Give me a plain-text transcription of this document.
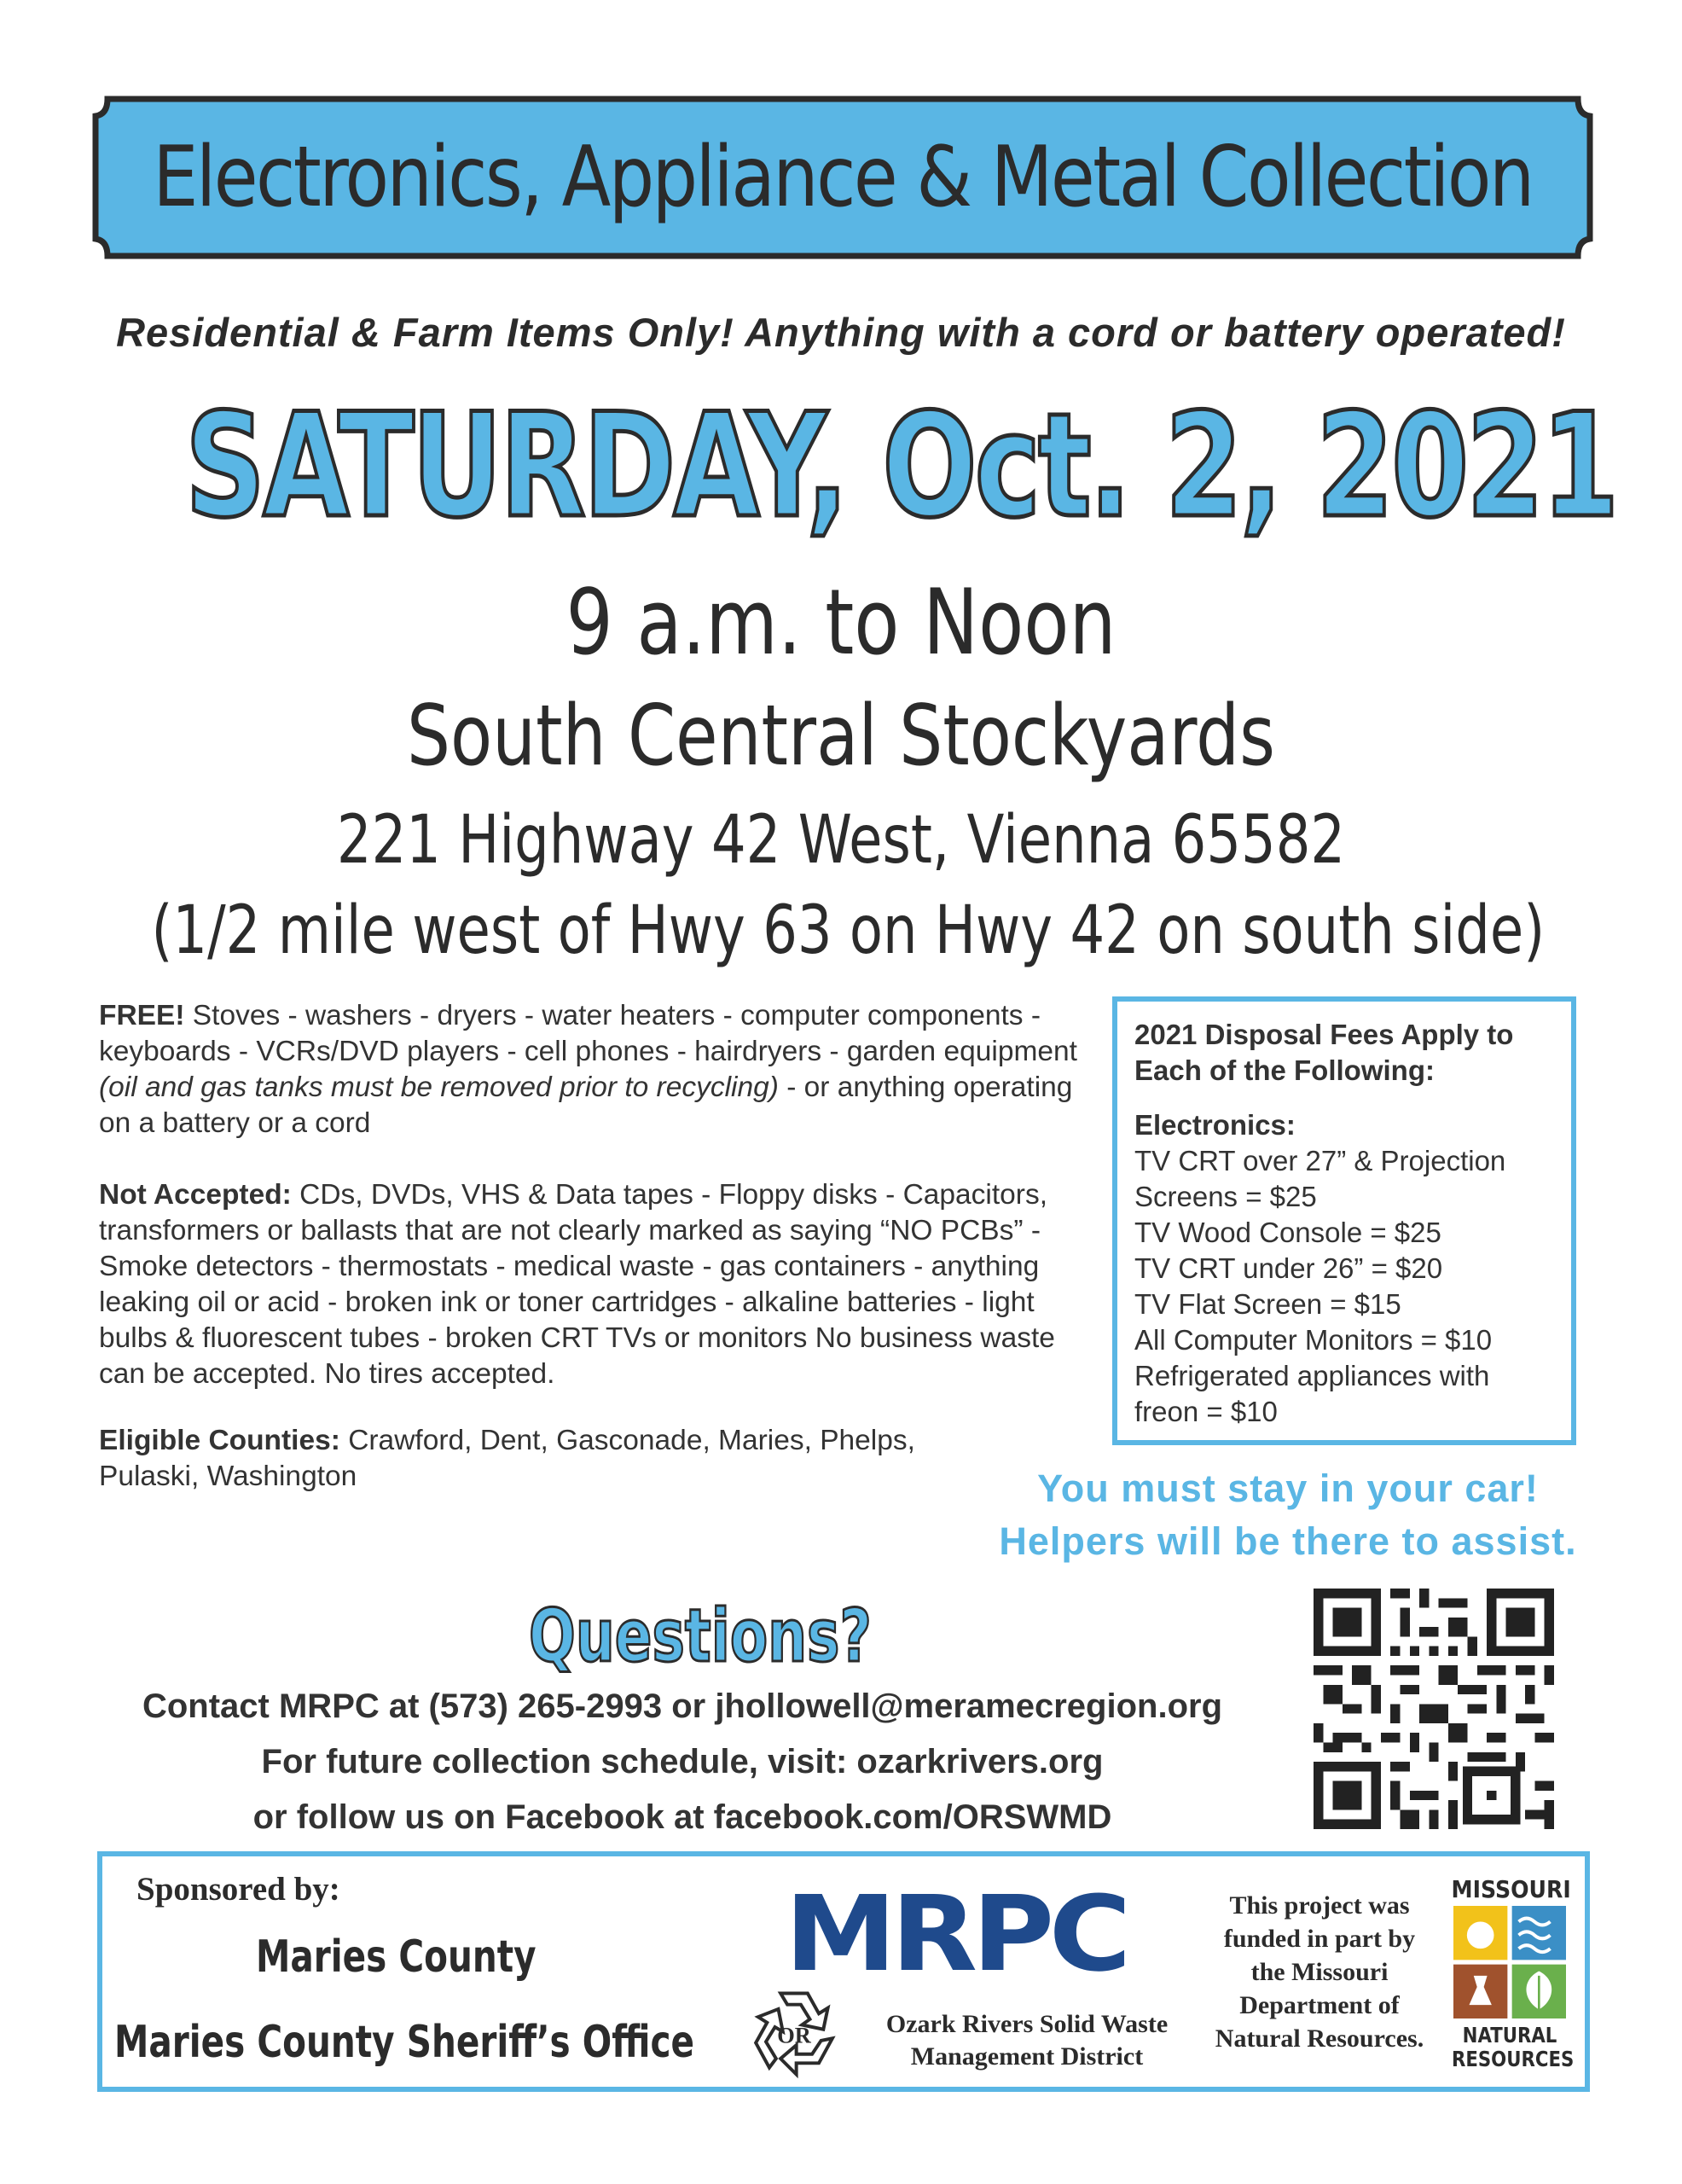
Electronics, Appliance & Metal Collection
Residential & Farm Items Only! Anything with a cord or battery operated!
SATURDAY, Oct. 2, 2021
9 a.m. to Noon
South Central Stockyards
221 Highway 42 West, Vienna 65582
(1/2 mile west of Hwy 63 on Hwy 42 on south side)
FREE! Stoves - washers - dryers - water heaters - computer components - keyboards - VCRs/DVD players - cell phones - hairdryers - garden equipment (oil and gas tanks must be removed prior to recycling) - or anything operating on a battery or a cord
Not Accepted: CDs, DVDs, VHS & Data tapes - Floppy disks - Capacitors, transformers or ballasts that are not clearly marked as saying “NO PCBs” - Smoke detectors - thermostats - medical waste - gas containers - anything leaking oil or acid - broken ink or toner cartridges - alkaline batteries - light bulbs & fluorescent tubes - broken CRT TVs or monitors No business waste can be accepted. No tires accepted.
Eligible Counties: Crawford, Dent, Gasconade, Maries, Phelps, Pulaski, Washington
2021 Disposal Fees Apply to
Each of the Following:
Electronics:
TV CRT over 27” & Projection
Screens = $25
TV Wood Console = $25
TV CRT under 26” = $20
TV Flat Screen = $15
All Computer Monitors = $10
Refrigerated appliances with
freon = $10
You must stay in your car!
Helpers will be there to assist.
Questions?
Contact MRPC at (573) 265-2993 or jhollowell@meramecregion.org
For future collection schedule, visit: ozarkrivers.org
or follow us on Facebook at facebook.com/ORSWMD
Sponsored by:
Maries County
Maries County Sheriff’s Office
MRPC
OR	Ozark Rivers Solid Waste
Management District
This project was
funded in part by
the Missouri
Department of
Natural Resources.
MISSOURI
NATURAL
RESOURCES
